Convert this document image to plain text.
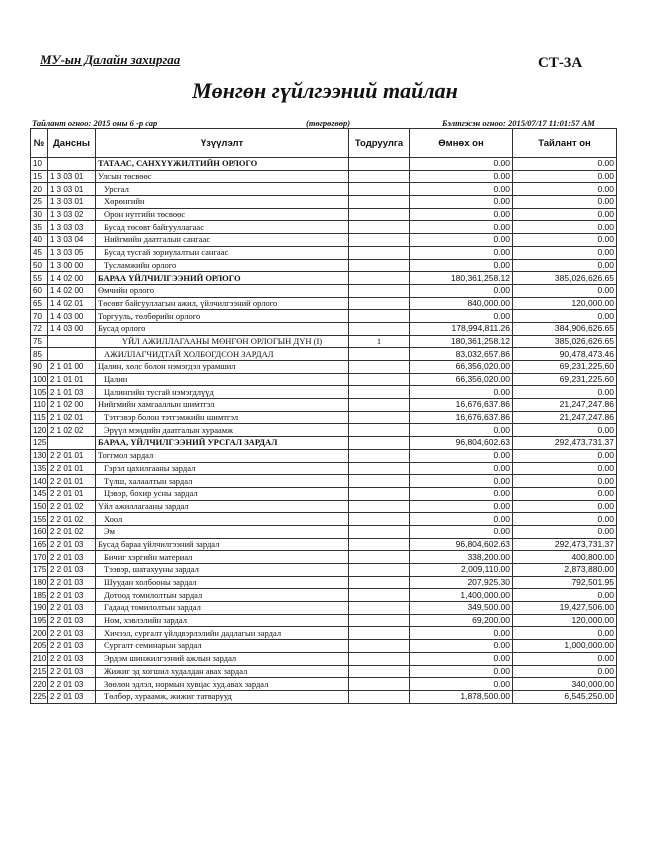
МУ-ын Далайн захиргаа	СТ-3А
Мөнгөн гүйлгээний тайлан
Тайлант огноо: 2015 оны 6 -р сар	(төгрөгөөр)	Бэлтгэсэн огноо: 2015/07/17 11:01:57 AM
№	Дансны	Үзүүлэлт	Тодруулга	Өмнөх он	Тайлант он
10		ТАТААС, САНХҮҮЖИЛТИЙН ОРЛОГО		0.00	0.00
15	1 3 03 01	Улсын төсвөөс		0.00	0.00
20	1 3 03 01	Урсгал		0.00	0.00
25	1 3 03 01	Хөрөнгийн		0.00	0.00
30	1 3 03 02	Орон нутгийн төсвөөс		0.00	0.00
35	1 3 03 03	Бусад төсөвт байгууллагаас		0.00	0.00
40	1 3 03 04	Нийгмийн даатгалын сангаас		0.00	0.00
45	1 3 03 05	Бусад тусгай зориулалтын сангаас		0.00	0.00
50	1 3 00 00	Тусламжийн орлого		0.00	0.00
55	1 4 02 00	БАРАА ҮЙЛЧИЛГЭЭНИЙ ОРЛОГО		180,361,258.12	385,026,626.65
60	1 4 02 00	Өмчийн орлого		0.00	0.00
65	1 4 02 01	Төсөвт байгууллагын ажил, үйлчилгээний орлого		840,000.00	120,000.00
70	1 4 03 00	Торгууль, төлбөрийн орлого		0.00	0.00
72	1 4 03 00	Бусад орлого		178,994,811.26	384,906,626.65
75		ҮЙЛ АЖИЛЛАГААНЫ МӨНГӨН ОРЛОГЫН ДҮН (I)	1	180,361,258.12	385,026,626.65
85		АЖИЛЛАГЧИДТАЙ ХОЛБОГДСОН ЗАРДАЛ		83,032,657.86	90,478,473.46
90	2 1 01 00	Цалин, хөлс болон нэмэгдэл урамшил		66,356,020.00	69,231,225.60
100	2 1 01 01	Цалин		66,356,020.00	69,231,225.60
105	2 1 01 03	Цалингийн тусгай нэмэгдлүүд		0.00	0.00
110	2 1 02 00	Нийгмийн хамгааллын шимтгэл		16,676,637.86	21,247,247.86
115	2 1 02 01	Тэтгэвэр болон тэтгэмжийн шимтгэл		16,676,637.86	21,247,247.86
120	2 1 02 02	Эрүүл мэндийн даатгалын хураамж		0.00	0.00
125		БАРАА, ҮЙЛЧИЛГЭЭНИЙ УРСГАЛ ЗАРДАЛ		96,804,602.63	292,473,731.37
130	2 2 01 01	Тоггмол зардал		0.00	0.00
135	2 2 01 01	Гэрэл цахилгааны зардал		0.00	0.00
140	2 2 01 01	Түлш, халаалтын зардал		0.00	0.00
145	2 2 01 01	Цэвэр, бохир усны зардал		0.00	0.00
150	2 2 01 02	Үйл ажиллагааны зардал		0.00	0.00
155	2 2 01 02	Хоол		0.00	0.00
160	2 2 01 02	Эм		0.00	0.00
165	2 2 01 03	Бусад бараа үйлчилгээний зардал		96,804,602.63	292,473,731.37
170	2 2 01 03	Бичиг хэргийн материал		338,200.00	400,800.00
175	2 2 01 03	Тээвэр, шатахууны зардал		2,009,110.00	2,873,880.00
180	2 2 01 03	Шуудан холбооны зардал		207,925.30	792,501.95
185	2 2 01 03	Дотоод томилолтын зардал		1,400,000.00	0.00
190	2 2 01 03	Гадаад томилолтын зардал		349,500.00	19,427,506.00
195	2 2 01 03	Ном, хэвлэлийн зардал		69,200.00	120,000.00
200	2 2 01 03	Хичээл, сургалт үйлдвэрлэлийн дадлагын зардал		0.00	0.00
205	2 2 01 03	Сургалт семинарын зардал		0.00	1,000,000.00
210	2 2 01 03	Эрдэм шинжилгээний ажлын зардал		0.00	0.00
215	2 2 01 03	Жижиг эд хогшил худалдан авах зардал		0.00	0.00
220	2 2 01 03	Зөөлөн эдлэл, нормын хувцас худ.авах зардал		0.00	340,000.00
225	2 2 01 03	Төлбөр, хураамж, жижиг татварууд		1,878,500.00	6,545,250.00
